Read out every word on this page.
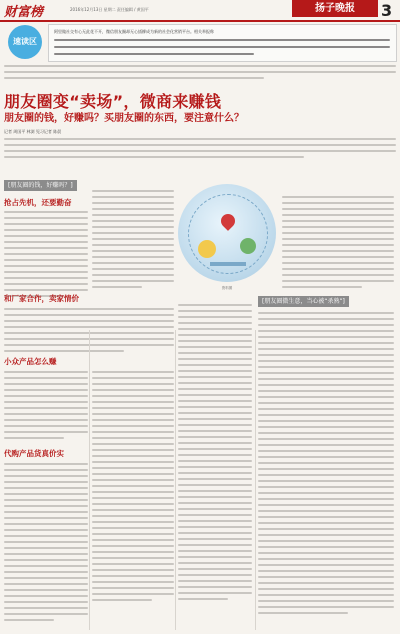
财富榜	2016年12月13日 星期二 责任编辑 / 黄国平	扬子晚报	3
速读区
阿里做社交有心无此花不开，微信朋友圈却无心插柳成为新的社会化营销平台。相关举报称
朋友圈变“卖场”，微商来赚钱
朋友圈的钱，好赚吗？买朋友圈的东西，要注意什么？
记者 周国平 林浏 见习记者 陈晨
[朋友圈的钱，好赚吗？]
抢占先机，还要勤奋
资料图
[朋友圈微生意，当心被“杀熟”]
和厂家合作，卖家情价
小众产品怎么赚
代购产品货真价实
